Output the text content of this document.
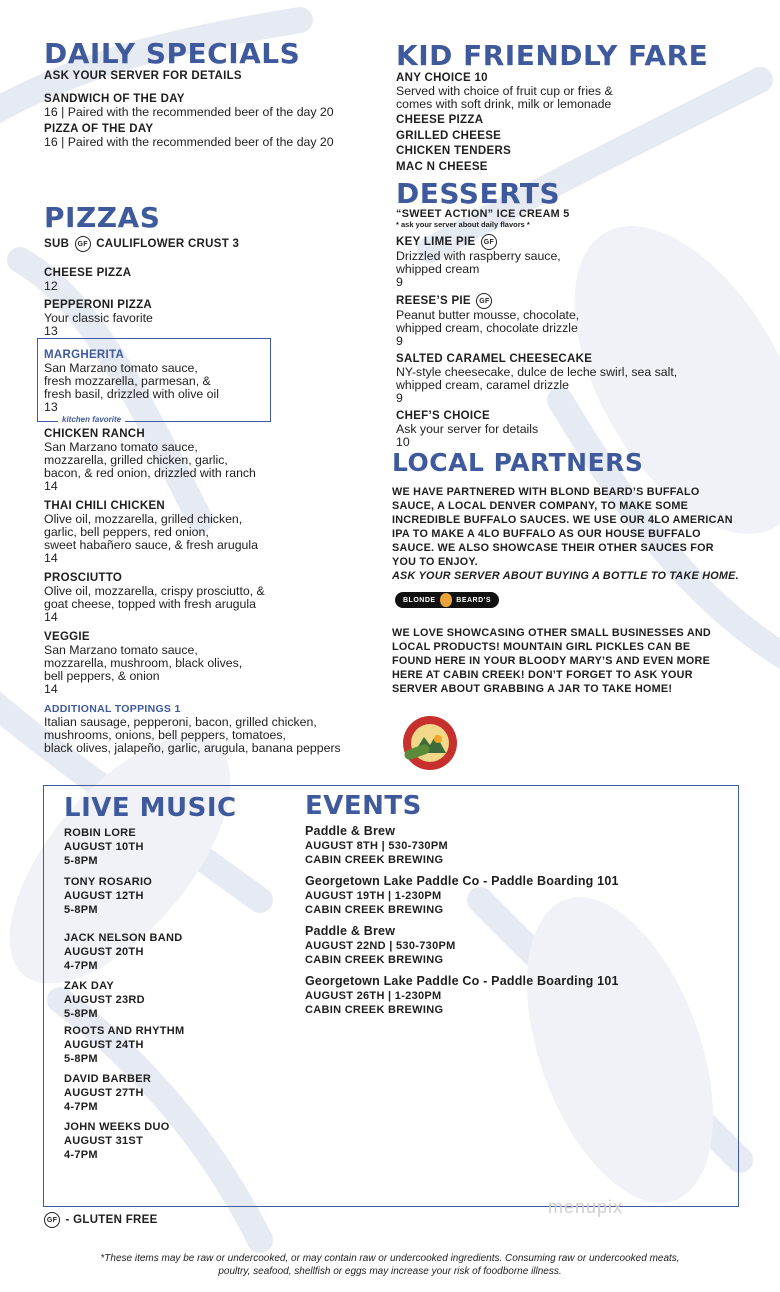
DAILY SPECIALS
ASK YOUR SERVER FOR DETAILS
SANDWICH OF THE DAY
16 | Paired with the recommended beer of the day 20
PIZZA OF THE DAY
16 | Paired with the recommended beer of the day 20
PIZZAS
SUB GF CAULIFLOWER CRUST 3
CHEESE PIZZA
12
PEPPERONI PIZZA
Your classic favorite
13
MARGHERITA
San Marzano tomato sauce,
fresh mozzarella, parmesan, &
fresh basil, drizzled with olive oil
13
kitchen favorite
CHICKEN RANCH
San Marzano tomato sauce,
mozzarella, grilled chicken, garlic,
bacon, & red onion, drizzled with ranch
14
THAI CHILI CHICKEN
Olive oil, mozzarella, grilled chicken,
garlic, bell peppers, red onion,
sweet habañero sauce, & fresh arugula
14
PROSCIUTTO
Olive oil, mozzarella, crispy prosciutto, &
goat cheese, topped with fresh arugula
14
VEGGIE
San Marzano tomato sauce,
mozzarella, mushroom, black olives,
bell peppers, & onion
14
ADDITIONAL TOPPINGS 1
Italian sausage, pepperoni, bacon, grilled chicken,
mushrooms, onions, bell peppers, tomatoes,
black olives, jalapeño, garlic, arugula, banana peppers
KID FRIENDLY FARE
ANY CHOICE 10
Served with choice of fruit cup or fries &
comes with soft drink, milk or lemonade
CHEESE PIZZA
GRILLED CHEESE
CHICKEN TENDERS
MAC N CHEESE
DESSERTS
“SWEET ACTION” ICE CREAM 5
* ask your server about daily flavors *
KEY LIME PIE GF
Drizzled with raspberry sauce,
whipped cream
9
REESE’S PIE GF
Peanut butter mousse, chocolate,
whipped cream, chocolate drizzle
9
SALTED CARAMEL CHEESECAKE
NY-style cheesecake, dulce de leche swirl, sea salt,
whipped cream, caramel drizzle
9
CHEF’S CHOICE
Ask your server for details
10
LOCAL PARTNERS
WE HAVE PARTNERED WITH BLOND BEARD’S BUFFALO
SAUCE, A LOCAL DENVER COMPANY, TO MAKE SOME
INCREDIBLE BUFFALO SAUCES. WE USE OUR 4LO AMERICAN
IPA TO MAKE A 4LO BUFFALO AS OUR HOUSE BUFFALO
SAUCE. WE ALSO SHOWCASE THEIR OTHER SAUCES FOR
YOU TO ENJOY.
ASK YOUR SERVER ABOUT BUYING A BOTTLE TO TAKE HOME.
BLONDE	BEARD'S
WE LOVE SHOWCASING OTHER SMALL BUSINESSES AND
LOCAL PRODUCTS! MOUNTAIN GIRL PICKLES CAN BE
FOUND HERE IN YOUR BLOODY MARY’S AND EVEN MORE
HERE AT CABIN CREEK! DON’T FORGET TO ASK YOUR
SERVER ABOUT GRABBING A JAR TO TAKE HOME!
LIVE MUSIC
ROBIN LORE
AUGUST 10TH
5-8PM
TONY ROSARIO
AUGUST 12TH
5-8PM
JACK NELSON BAND
AUGUST 20TH
4-7PM
ZAK DAY
AUGUST 23RD
5-8PM
ROOTS AND RHYTHM
AUGUST 24TH
5-8PM
DAVID BARBER
AUGUST 27TH
4-7PM
JOHN WEEKS DUO
AUGUST 31ST
4-7PM
EVENTS
Paddle & Brew
AUGUST 8TH | 530-730PM
CABIN CREEK BREWING
Georgetown Lake Paddle Co - Paddle Boarding 101
AUGUST 19TH | 1-230PM
CABIN CREEK BREWING
Paddle & Brew
AUGUST 22ND | 530-730PM
CABIN CREEK BREWING
Georgetown Lake Paddle Co - Paddle Boarding 101
AUGUST 26TH | 1-230PM
CABIN CREEK BREWING
menupix
GF - GLUTEN FREE
*These items may be raw or undercooked, or may contain raw or undercooked ingredients. Consuming raw or undercooked meats,
poultry, seafood, shellfish or eggs may increase your risk of foodborne illness.
